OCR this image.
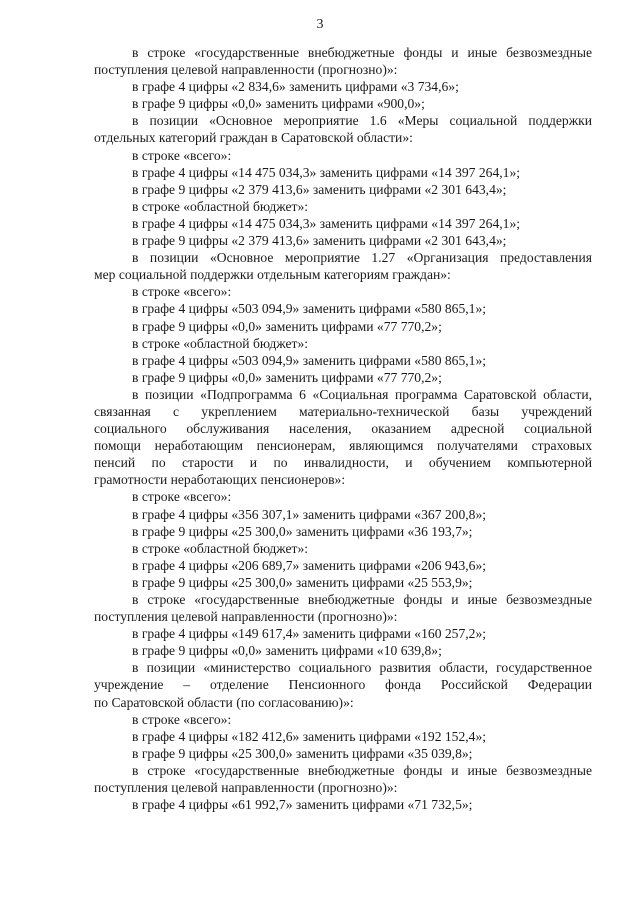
3
в строке «государственные внебюджетные фонды и иные безвозмездные
поступления целевой направленности (прогнозно)»:
в графе 4 цифры «2 834,6» заменить цифрами «3 734,6»;
в графе 9 цифры «0,0» заменить цифрами «900,0»;
в позиции «Основное мероприятие 1.6 «Меры социальной поддержки
отдельных категорий граждан в Саратовской области»:
в строке «всего»:
в графе 4 цифры «14 475 034,3» заменить цифрами «14 397 264,1»;
в графе 9 цифры «2 379 413,6» заменить цифрами «2 301 643,4»;
в строке «областной бюджет»:
в графе 4 цифры «14 475 034,3» заменить цифрами «14 397 264,1»;
в графе 9 цифры «2 379 413,6» заменить цифрами «2 301 643,4»;
в позиции «Основное мероприятие 1.27 «Организация предоставления
мер социальной поддержки отдельным категориям граждан»:
в строке «всего»:
в графе 4 цифры «503 094,9» заменить цифрами «580 865,1»;
в графе 9 цифры «0,0» заменить цифрами «77 770,2»;
в строке «областной бюджет»:
в графе 4 цифры «503 094,9» заменить цифрами «580 865,1»;
в графе 9 цифры «0,0» заменить цифрами «77 770,2»;
в позиции «Подпрограмма 6 «Социальная программа Саратовской области,
связанная с укреплением материально-технической базы учреждений
социального обслуживания населения, оказанием адресной социальной
помощи неработающим пенсионерам, являющимся получателями страховых
пенсий по старости и по инвалидности, и обучением компьютерной
грамотности неработающих пенсионеров»:
в строке «всего»:
в графе 4 цифры «356 307,1» заменить цифрами «367 200,8»;
в графе 9 цифры «25 300,0» заменить цифрами «36 193,7»;
в строке «областной бюджет»:
в графе 4 цифры «206 689,7» заменить цифрами «206 943,6»;
в графе 9 цифры «25 300,0» заменить цифрами «25 553,9»;
в строке «государственные внебюджетные фонды и иные безвозмездные
поступления целевой направленности (прогнозно)»:
в графе 4 цифры «149 617,4» заменить цифрами «160 257,2»;
в графе 9 цифры «0,0» заменить цифрами «10 639,8»;
в позиции «министерство социального развития области, государственное
учреждение – отделение Пенсионного фонда Российской Федерации
по Саратовской области (по согласованию)»:
в строке «всего»:
в графе 4 цифры «182 412,6» заменить цифрами «192 152,4»;
в графе 9 цифры «25 300,0» заменить цифрами «35 039,8»;
в строке «государственные внебюджетные фонды и иные безвозмездные
поступления целевой направленности (прогнозно)»:
в графе 4 цифры «61 992,7» заменить цифрами «71 732,5»;
